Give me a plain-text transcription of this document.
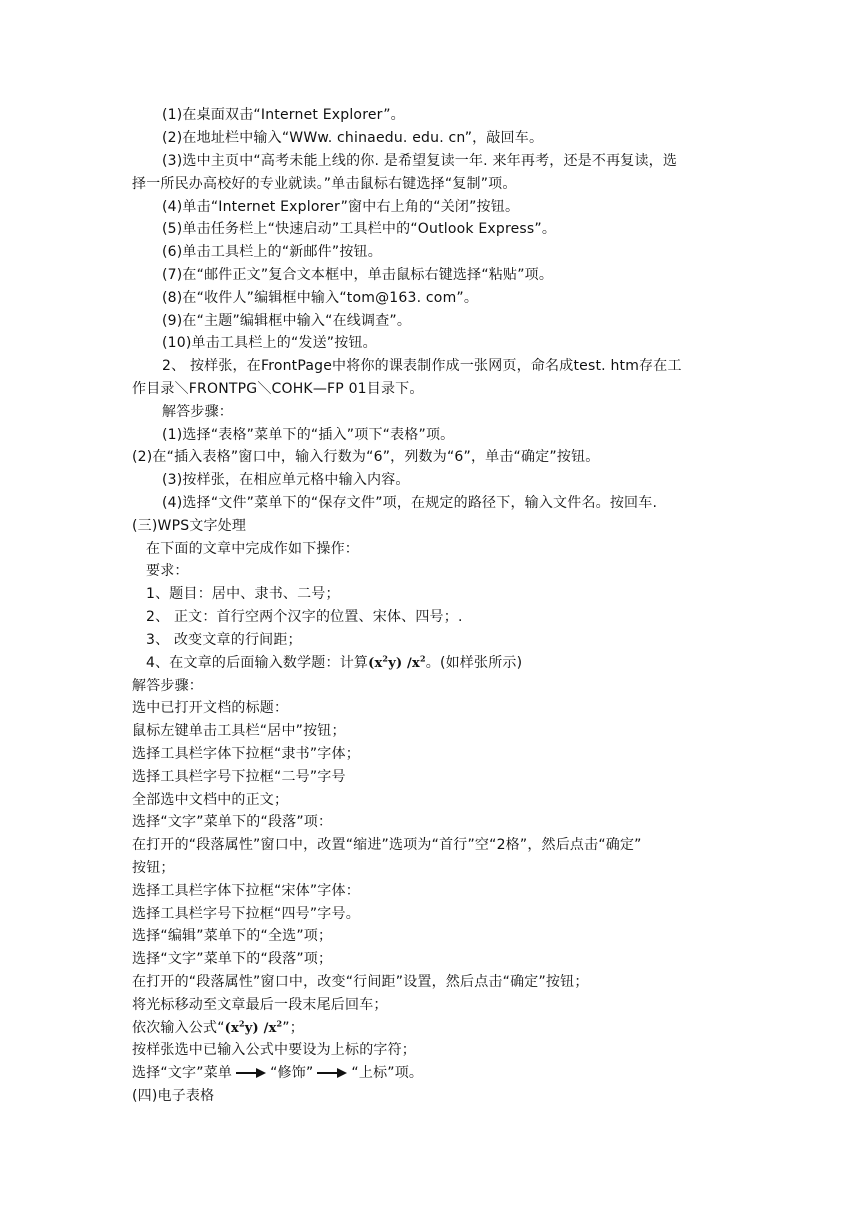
(1)在桌面双击“Internet Explorer”。
(2)在地址栏中输入“WWw. chinaedu. edu. cn”，敲回车。
(3)选中主页中“高考未能上线的你. 是希望复读一年. 来年再考，还是不再复读，选
择一所民办高校好的专业就读。”单击鼠标右键选择“复制”项。
(4)单击“Internet Explorer”窗中右上角的“关闭”按钮。
(5)单击任务栏上“快速启动”工具栏中的“Outlook Express”。
(6)单击工具栏上的“新邮件”按钮。
(7)在“邮件正文”复合文本框中，单击鼠标右键选择“粘贴”项。
(8)在“收件人”编辑框中输入“tom@163. com”。
(9)在“主题”编辑框中输入“在线调查”。
(10)单击工具栏上的“发送”按钮。
2、 按样张，在FrontPage中将你的课表制作成一张网页，命名成test. htm存在工
作目录＼FRONTPG＼COHK—FP 01目录下。
解答步骤：
(1)选择“表格”菜单下的“插入”项下“表格”项。
(2)在“插入表格”窗口中，输入行数为“6”，列数为“6”，单击“确定”按钮。
(3)按样张，在相应单元格中输入内容。
(4)选择“文件”菜单下的“保存文件”项，在规定的路径下，输入文件名。按回车.
(三)WPS文字处理
在下面的文章中完成作如下操作：
要求：
1、题目：居中、隶书、二号；
2、 正文：首行空两个汉字的位置、宋体、四号；.
3、 改变文章的行间距；
4、在文章的后面输入数学题：计算$(x^2y)$ $/x^2$。(如样张所示)
解答步骤：
选中已打开文档的标题：
鼠标左键单击工具栏“居中”按钮；
选择工具栏字体下拉框“隶书”字体；
选择工具栏字号下拉框“二号”字号
全部选中文档中的正文；
选择“文字”菜单下的“段落”项：
在打开的“段落属性”窗口中，改置“缩进”选项为“首行”空“2格”，然后点击“确定”
按钮；
选择工具栏字体下拉框“宋体”字体：
选择工具栏字号下拉框“四号”字号。
选择“编辑”菜单下的“全选”项；
选择“文字”菜单下的“段落”项；
在打开的“段落属性”窗口中，改变“行间距”设置，然后点击“确定”按钮；
将光标移动至文章最后一段末尾后回车；
依次输入公式“$(x^2y)$ $/x^2$”；
按样张选中已输入公式中要设为上标的字符；
选择“文字”菜单	“修饰”	“上标”项。
(四)电子表格
